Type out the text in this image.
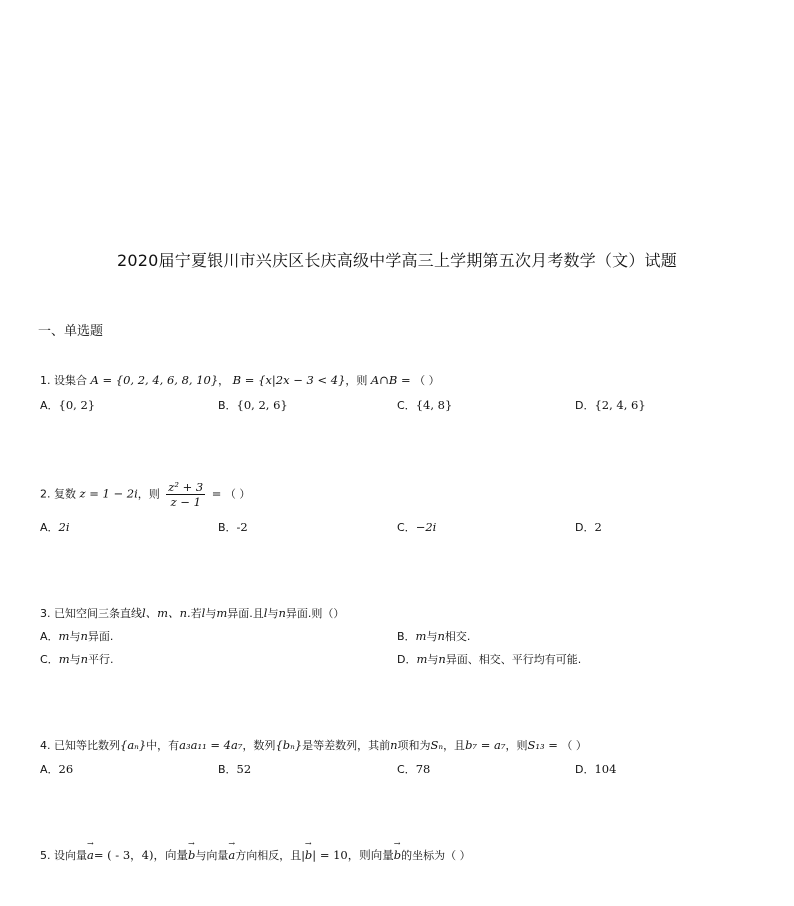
2020届宁夏银川市兴庆区长庆高级中学高三上学期第五次月考数学（文）试题
一、单选题
1. 设集合 A = {0, 2, 4, 6, 8, 10}， B = {x|2x − 3 < 4}，则 A∩B = （ ）
A．{0, 2}	B．{0, 2, 6}	C．{4, 8}	D．{2, 4, 6}
2. 复数 z = 1 − 2i，则 $\frac{\text{z² + 3}}{z - 1}$ = （ ）
A．2i	B．-2	C．−2i	D．2
3. 已知空间三条直线l、m、n.若l与m异面.且l与n异面.则（）
A．m与n异面.	B．m与n相交.
C．m与n平行.	D．m与n异面、相交、平行均有可能.
4. 已知等比数列{aₙ}中，有a₃a₁₁ = 4a₇，数列{bₙ}是等差数列，其前n项和为Sₙ，且b₇ = a₇，则S₁₃ = （ ）
A．26	B．52	C．78	D．104
5. 设向量→ a= ( - 3，4)，向量→ b与向量→ a方向相反，且|→ b| = 10，则向量→ b的坐标为（ ）
